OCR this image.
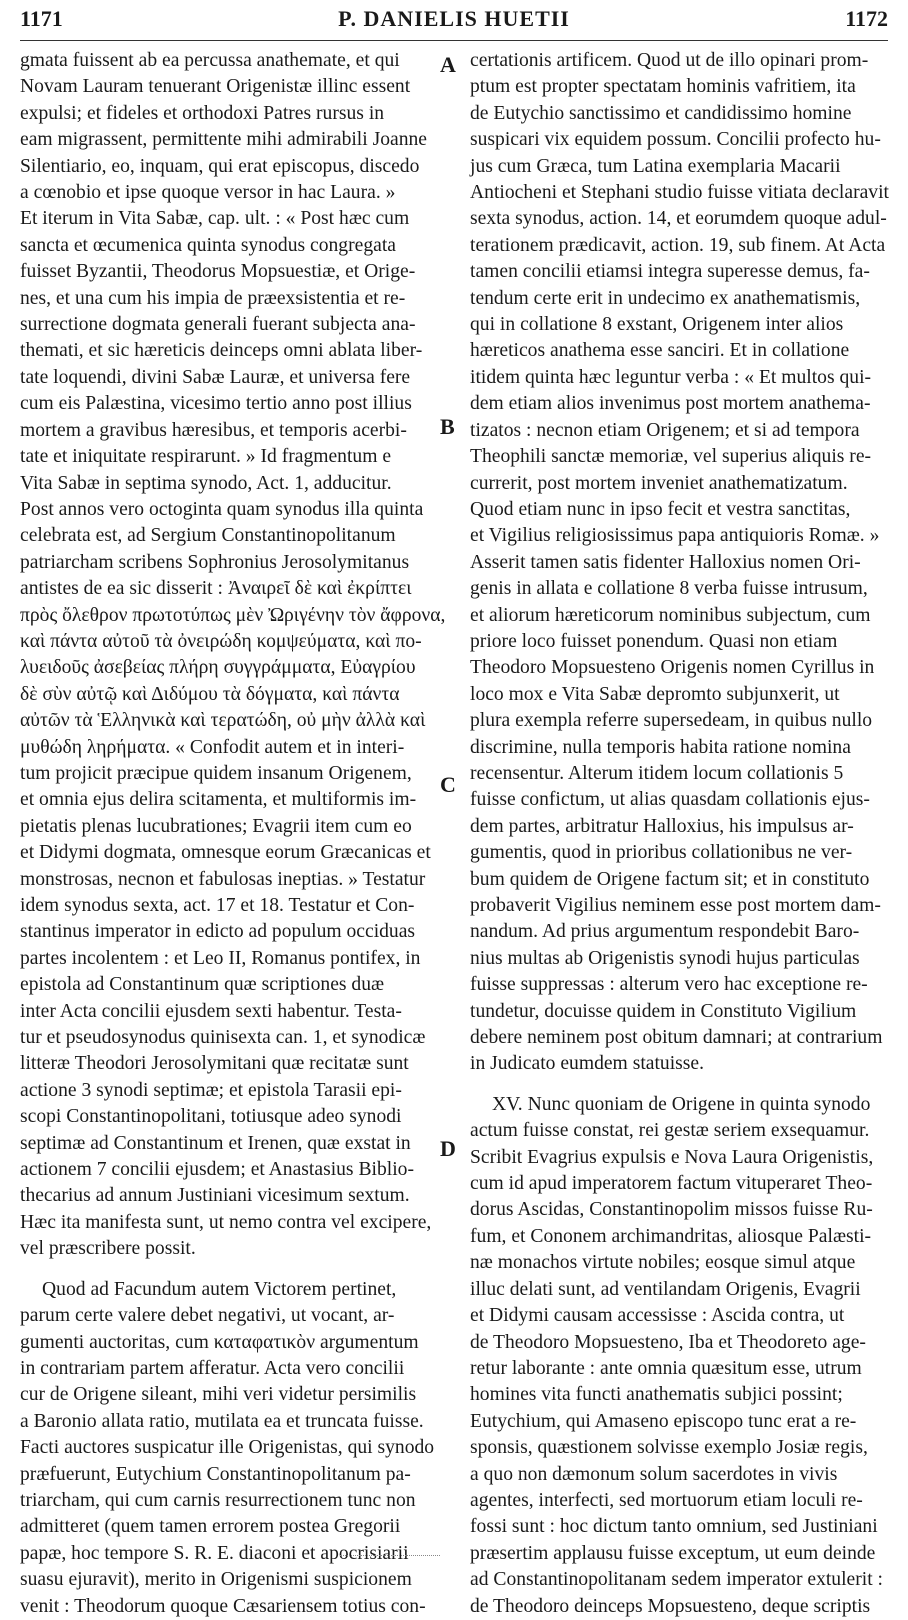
1171	P. DANIELIS HUETII	1172
gmata fuissent ab ea percussa anathemate, et qui
Novam Lauram tenuerant Origenistæ illinc essent
expulsi; et fideles et orthodoxi Patres rursus in
eam migrassent, permittente mihi admirabili Joanne
Silentiario, eo, inquam, qui erat episcopus, discedo
a cœnobio et ipse quoque versor in hac Laura. »
Et iterum in Vita Sabæ, cap. ult. : « Post hæc cum
sancta et œcumenica quinta synodus congregata
fuisset Byzantii, Theodorus Mopsuestiæ, et Orige-
nes, et una cum his impia de præexsistentia et re-
surrectione dogmata generali fuerant subjecta ana-
themati, et sic hæreticis deinceps omni ablata liber-
tate loquendi, divini Sabæ Lauræ, et universa fere
cum eis Palæstina, vicesimo tertio anno post illius
mortem a gravibus hæresibus, et temporis acerbi-
tate et iniquitate respirarunt. » Id fragmentum e
Vita Sabæ in septima synodo, Act. 1, adducitur.
Post annos vero octoginta quam synodus illa quinta
celebrata est, ad Sergium Constantinopolitanum
patriarcham scribens Sophronius Jerosolymitanus
antistes de ea sic disserit : Ἀναιρεῖ δὲ καὶ ἐκρίπτει
πρὸς ὄλεθρον πρωτοτύπως μὲν Ὠριγένην τὸν ἄφρονα,
καὶ πάντα αὐτοῦ τὰ ὀνειρώδη κομψεύματα, καὶ πο-
λυειδοῦς ἀσεβείας πλήρη συγγράμματα, Εὐαγρίου
δὲ σὺν αὐτῷ καὶ Διδύμου τὰ δόγματα, καὶ πάντα
αὐτῶν τὰ Ἑλληνικὰ καὶ τερατώδη, οὐ μὴν ἀλλὰ καὶ
μυθώδη ληρήματα. « Confodit autem et in interi-
tum projicit præcipue quidem insanum Origenem,
et omnia ejus delira scitamenta, et multiformis im-
pietatis plenas lucubrationes; Evagrii item cum eo
et Didymi dogmata, omnesque eorum Græcanicas et
monstrosas, necnon et fabulosas ineptias. » Testatur
idem synodus sexta, act. 17 et 18. Testatur et Con-
stantinus imperator in edicto ad populum occiduas
partes incolentem : et Leo II, Romanus pontifex, in
epistola ad Constantinum quæ scriptiones duæ
inter Acta concilii ejusdem sexti habentur. Testa-
tur et pseudosynodus quinisexta can. 1, et synodicæ
litteræ Theodori Jerosolymitani quæ recitatæ sunt
actione 3 synodi septimæ; et epistola Tarasii epi-
scopi Constantinopolitani, totiusque adeo synodi
septimæ ad Constantinum et Irenen, quæ exstat in
actionem 7 concilii ejusdem; et Anastasius Biblio-
thecarius ad annum Justiniani vicesimum sextum.
Hæc ita manifesta sunt, ut nemo contra vel excipere,
vel præscribere possit.
Quod ad Facundum autem Victorem pertinet,
parum certe valere debet negativi, ut vocant, ar-
gumenti auctoritas, cum καταφατικὸν argumentum
in contrariam partem afferatur. Acta vero concilii
cur de Origene sileant, mihi veri videtur persimilis
a Baronio allata ratio, mutilata ea et truncata fuisse.
Facti auctores suspicatur ille Origenistas, qui synodo
præfuerunt, Eutychium Constantinopolitanum pa-
triarcham, qui cum carnis resurrectionem tunc non
admitteret (quem tamen errorem postea Gregorii
papæ, hoc tempore S. R. E. diaconi et apocrisiarii
suasu ejuravit), merito in Origenismi suspicionem
venit : Theodorum quoque Cæsariensem totius con-
certationis artificem. Quod ut de illo opinari prom-
ptum est propter spectatam hominis vafritiem, ita
de Eutychio sanctissimo et candidissimo homine
suspicari vix equidem possum. Concilii profecto hu-
jus cum Græca, tum Latina exemplaria Macarii
Antiocheni et Stephani studio fuisse vitiata declaravit
sexta synodus, action. 14, et eorumdem quoque adul-
terationem prædicavit, action. 19, sub finem. At Acta
tamen concilii etiamsi integra superesse demus, fa-
tendum certe erit in undecimo ex anathematismis,
qui in collatione 8 exstant, Origenem inter alios
hæreticos anathema esse sanciri. Et in collatione
itidem quinta hæc leguntur verba : « Et multos qui-
dem etiam alios invenimus post mortem anathema-
tizatos : necnon etiam Origenem; et si ad tempora
Theophili sanctæ memoriæ, vel superius aliquis re-
currerit, post mortem inveniet anathematizatum.
Quod etiam nunc in ipso fecit et vestra sanctitas,
et Vigilius religiosissimus papa antiquioris Romæ. »
Asserit tamen satis fidenter Halloxius nomen Ori-
genis in allata e collatione 8 verba fuisse intrusum,
et aliorum hæreticorum nominibus subjectum, cum
priore loco fuisset ponendum. Quasi non etiam
Theodoro Mopsuesteno Origenis nomen Cyrillus in
loco mox e Vita Sabæ depromto subjunxerit, ut
plura exempla referre supersedeam, in quibus nullo
discrimine, nulla temporis habita ratione nomina
recensentur. Alterum itidem locum collationis 5
fuisse confictum, ut alias quasdam collationis ejus-
dem partes, arbitratur Halloxius, his impulsus ar-
gumentis, quod in prioribus collationibus ne ver-
bum quidem de Origene factum sit; et in constituto
probaverit Vigilius neminem esse post mortem dam-
nandum. Ad prius argumentum respondebit Baro-
nius multas ab Origenistis synodi hujus particulas
fuisse suppressas : alterum vero hac exceptione re-
tundetur, docuisse quidem in Constituto Vigilium
debere neminem post obitum damnari; at contrarium
in Judicato eumdem statuisse.
XV. Nunc quoniam de Origene in quinta synodo
actum fuisse constat, rei gestæ seriem exsequamur.
Scribit Evagrius expulsis e Nova Laura Origenistis,
cum id apud imperatorem factum vituperaret Theo-
dorus Ascidas, Constantinopolim missos fuisse Ru-
fum, et Cononem archimandritas, aliosque Palæsti-
næ monachos virtute nobiles; eosque simul atque
illuc delati sunt, ad ventilandam Origenis, Evagrii
et Didymi causam accessisse : Ascida contra, ut
de Theodoro Mopsuesteno, Iba et Theodoreto age-
retur laborante : ante omnia quæsitum esse, utrum
homines vita functi anathematis subjici possint;
Eutychium, qui Amaseno episcopo tunc erat a re-
sponsis, quæstionem solvisse exemplo Josiæ regis,
a quo non dæmonum solum sacerdotes in vivis
agentes, interfecti, sed mortuorum etiam loculi re-
fossi sunt : hoc dictum tanto omnium, sed Justiniani
præsertim applausu fuisse exceptum, ut eum deinde
ad Constantinopolitanam sedem imperator extulerit :
de Theodoro deinceps Mopsuesteno, deque scriptis
A
B
C
D
